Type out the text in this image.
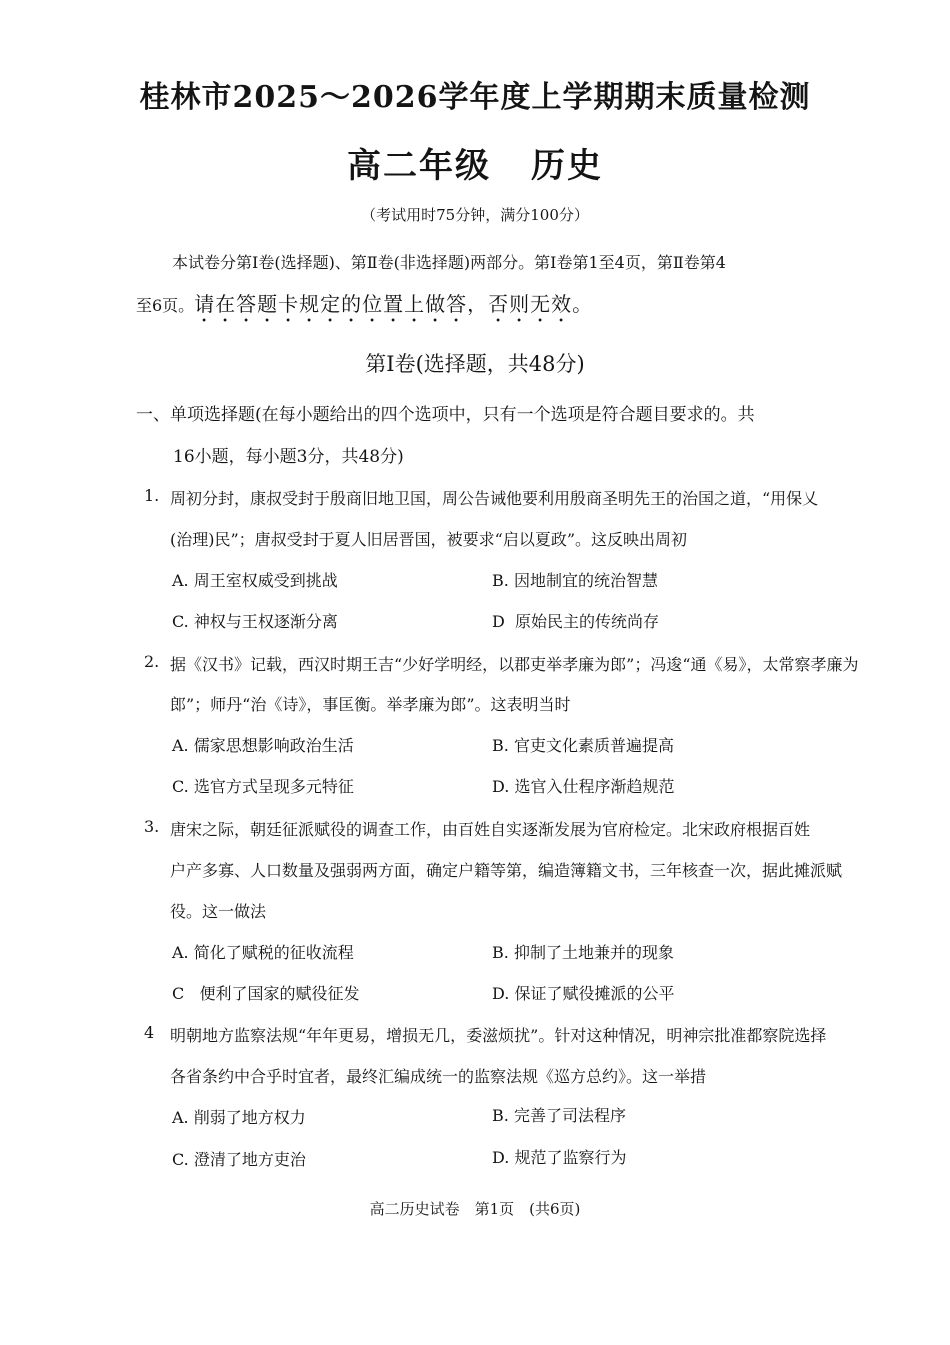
桂林市2025～2026学年度上学期期末质量检测
高二年级 历史
（考试用时75分钟，满分100分）
本试卷分第Ⅰ卷(选择题)、第Ⅱ卷(非选择题)两部分。第Ⅰ卷第1至4页，第Ⅱ卷第4
至6页。请在答题卡规定的位置上做答，否则无效。
第Ⅰ卷(选择题，共48分)
一、单项选择题(在每小题给出的四个选项中，只有一个选项是符合题目要求的。共
16小题，每小题3分，共48分)
1. 周初分封，康叔受封于殷商旧地卫国，周公告诫他要利用殷商圣明先王的治国之道，“用保乂
(治理)民”；唐叔受封于夏人旧居晋国，被要求“启以夏政”。这反映出周初
A. 周王室权威受到挑战	B. 因地制宜的统治智慧
C. 神权与王权逐渐分离	D 原始民主的传统尚存
2. 据《汉书》记载，西汉时期王吉“少好学明经，以郡吏举孝廉为郎”；冯逡“通《易》，太常察孝廉为
郎”；师丹“治《诗》，事匡衡。举孝廉为郎”。这表明当时
A. 儒家思想影响政治生活	B. 官吏文化素质普遍提高
C. 选官方式呈现多元特征	D. 选官入仕程序渐趋规范
3. 唐宋之际，朝廷征派赋役的调查工作，由百姓自实逐渐发展为官府检定。北宋政府根据百姓
户产多寡、人口数量及强弱两方面，确定户籍等第，编造簿籍文书，三年核查一次，据此摊派赋
役。这一做法
A. 简化了赋税的征收流程	B. 抑制了土地兼并的现象
C 便利了国家的赋役征发	D. 保证了赋役摊派的公平
4 明朝地方监察法规“年年更易，增损无几，委滋烦扰”。针对这种情况，明神宗批准都察院选择
各省条约中合乎时宜者，最终汇编成统一的监察法规《巡方总约》。这一举措
A. 削弱了地方权力	B. 完善了司法程序
C. 澄清了地方吏治	D. 规范了监察行为
高二历史试卷　第1页　(共6页)
